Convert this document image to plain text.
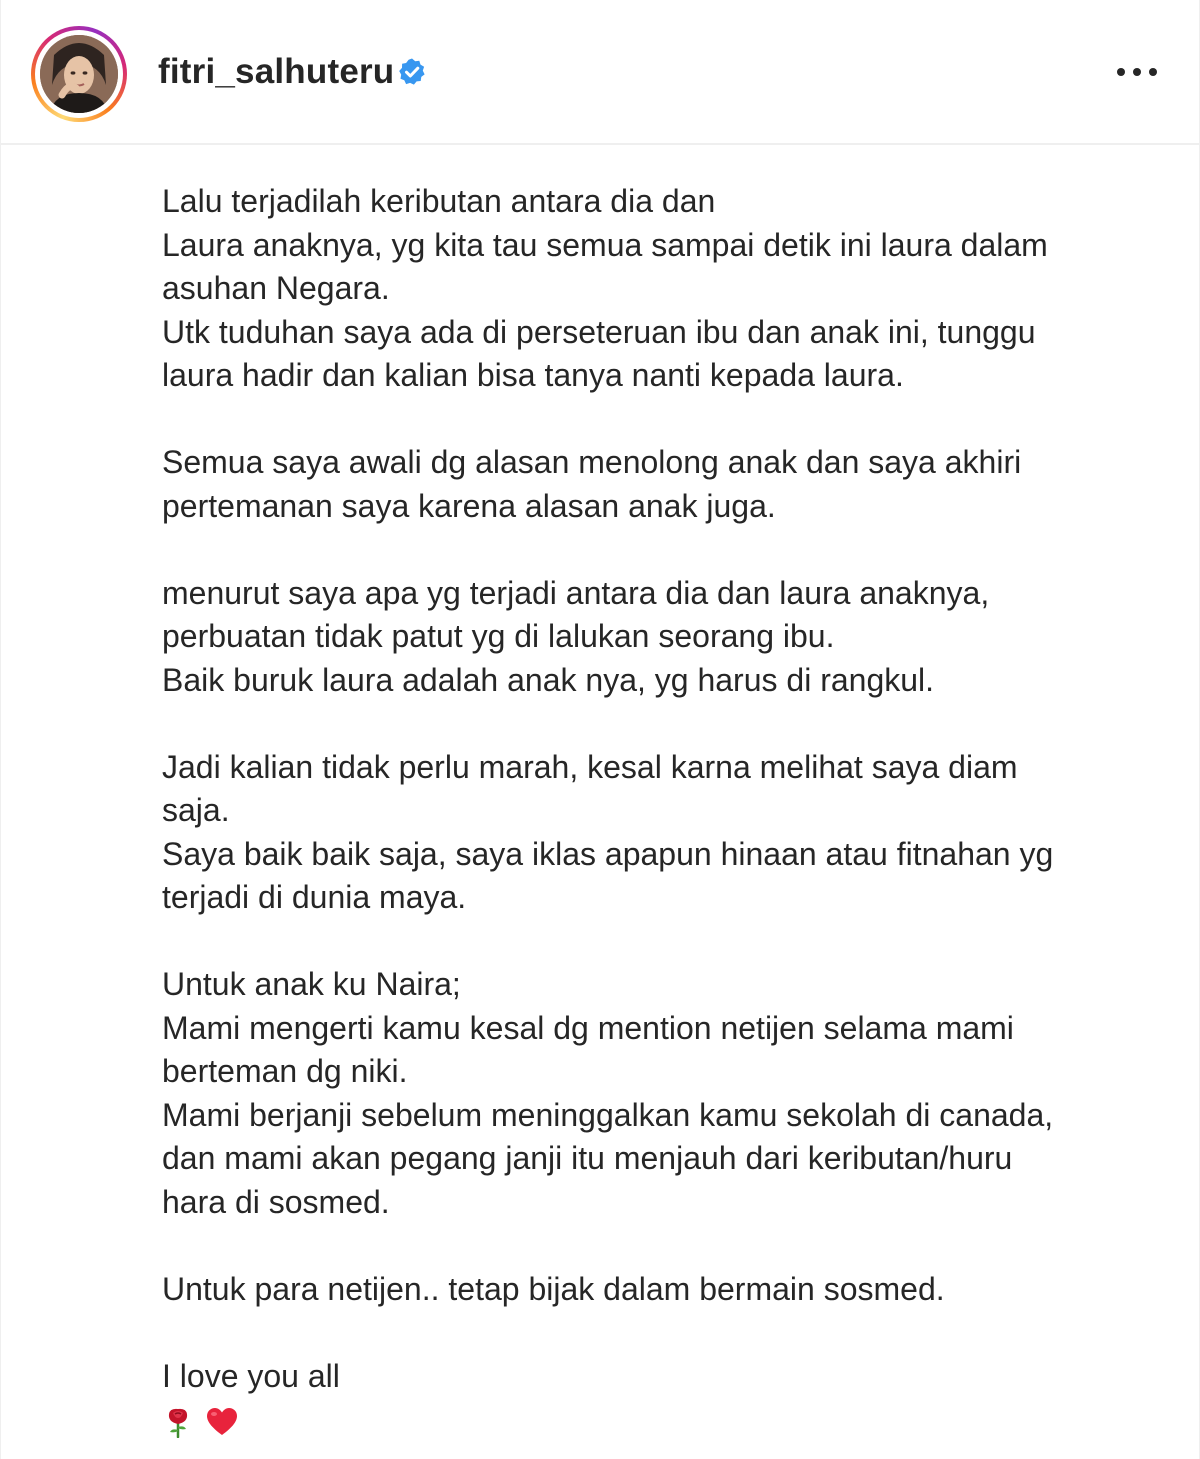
fitri_salhuteru
Lalu terjadilah keributan antara dia dan
Laura anaknya, yg kita tau semua sampai detik ini laura dalam
asuhan Negara.
Utk tuduhan saya ada di perseteruan ibu dan anak ini, tunggu
laura hadir dan kalian bisa tanya nanti kepada laura.
Semua saya awali dg alasan menolong anak dan saya akhiri
pertemanan saya karena alasan anak juga.
menurut saya apa yg terjadi antara dia dan laura anaknya,
perbuatan tidak patut yg di lalukan seorang ibu.
Baik buruk laura adalah anak nya, yg harus di rangkul.
Jadi kalian tidak perlu marah, kesal karna melihat saya diam
saja.
Saya baik baik saja, saya iklas apapun hinaan atau fitnahan yg
terjadi di dunia maya.
Untuk anak ku Naira;
Mami mengerti kamu kesal dg mention netijen selama mami
berteman dg niki.
Mami berjanji sebelum meninggalkan kamu sekolah di canada,
dan mami akan pegang janji itu menjauh dari keributan/huru
hara di sosmed.
Untuk para netijen.. tetap bijak dalam bermain sosmed.
I love you all
